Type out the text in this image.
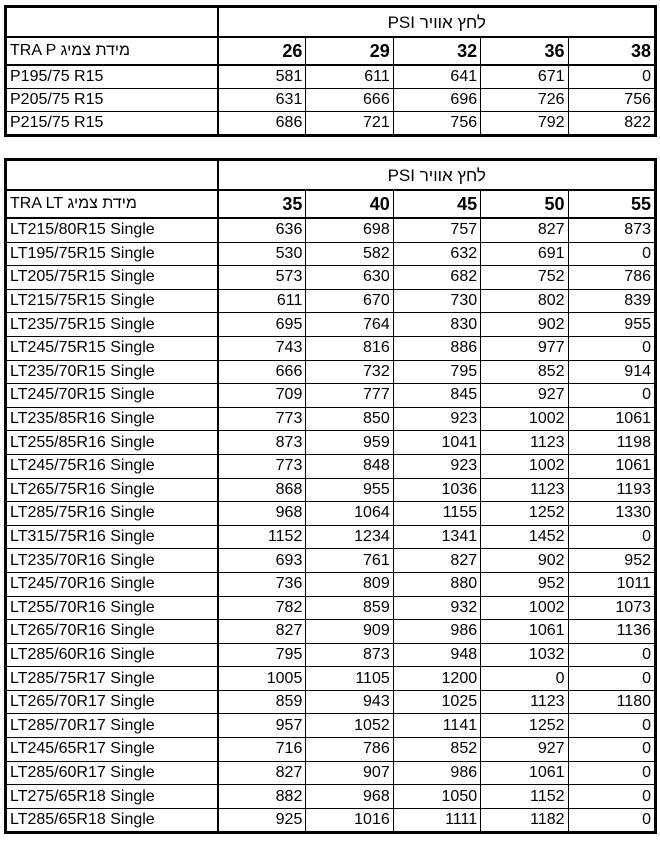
	לחץ אוויר PSI				
מידת צמיג TRA P	26	29	32	36	38
P195/75 R15	581	611	641	671	0
P205/75 R15	631	666	696	726	756
P215/75 R15	686	721	756	792	822
	לחץ אוויר PSI				
מידת צמיג TRA LT	35	40	45	50	55
LT215/80R15 Single	636	698	757	827	873
LT195/75R15 Single	530	582	632	691	0
LT205/75R15 Single	573	630	682	752	786
LT215/75R15 Single	611	670	730	802	839
LT235/75R15 Single	695	764	830	902	955
LT245/75R15 Single	743	816	886	977	0
LT235/70R15 Single	666	732	795	852	914
LT245/70R15 Single	709	777	845	927	0
LT235/85R16 Single	773	850	923	1002	1061
LT255/85R16 Single	873	959	1041	1123	1198
LT245/75R16 Single	773	848	923	1002	1061
LT265/75R16 Single	868	955	1036	1123	1193
LT285/75R16 Single	968	1064	1155	1252	1330
LT315/75R16 Single	1152	1234	1341	1452	0
LT235/70R16 Single	693	761	827	902	952
LT245/70R16 Single	736	809	880	952	1011
LT255/70R16 Single	782	859	932	1002	1073
LT265/70R16 Single	827	909	986	1061	1136
LT285/60R16 Single	795	873	948	1032	0
LT285/75R17 Single	1005	1105	1200	0	0
LT265/70R17 Single	859	943	1025	1123	1180
LT285/70R17 Single	957	1052	1141	1252	0
LT245/65R17 Single	716	786	852	927	0
LT285/60R17 Single	827	907	986	1061	0
LT275/65R18 Single	882	968	1050	1152	0
LT285/65R18 Single	925	1016	1111	1182	0
